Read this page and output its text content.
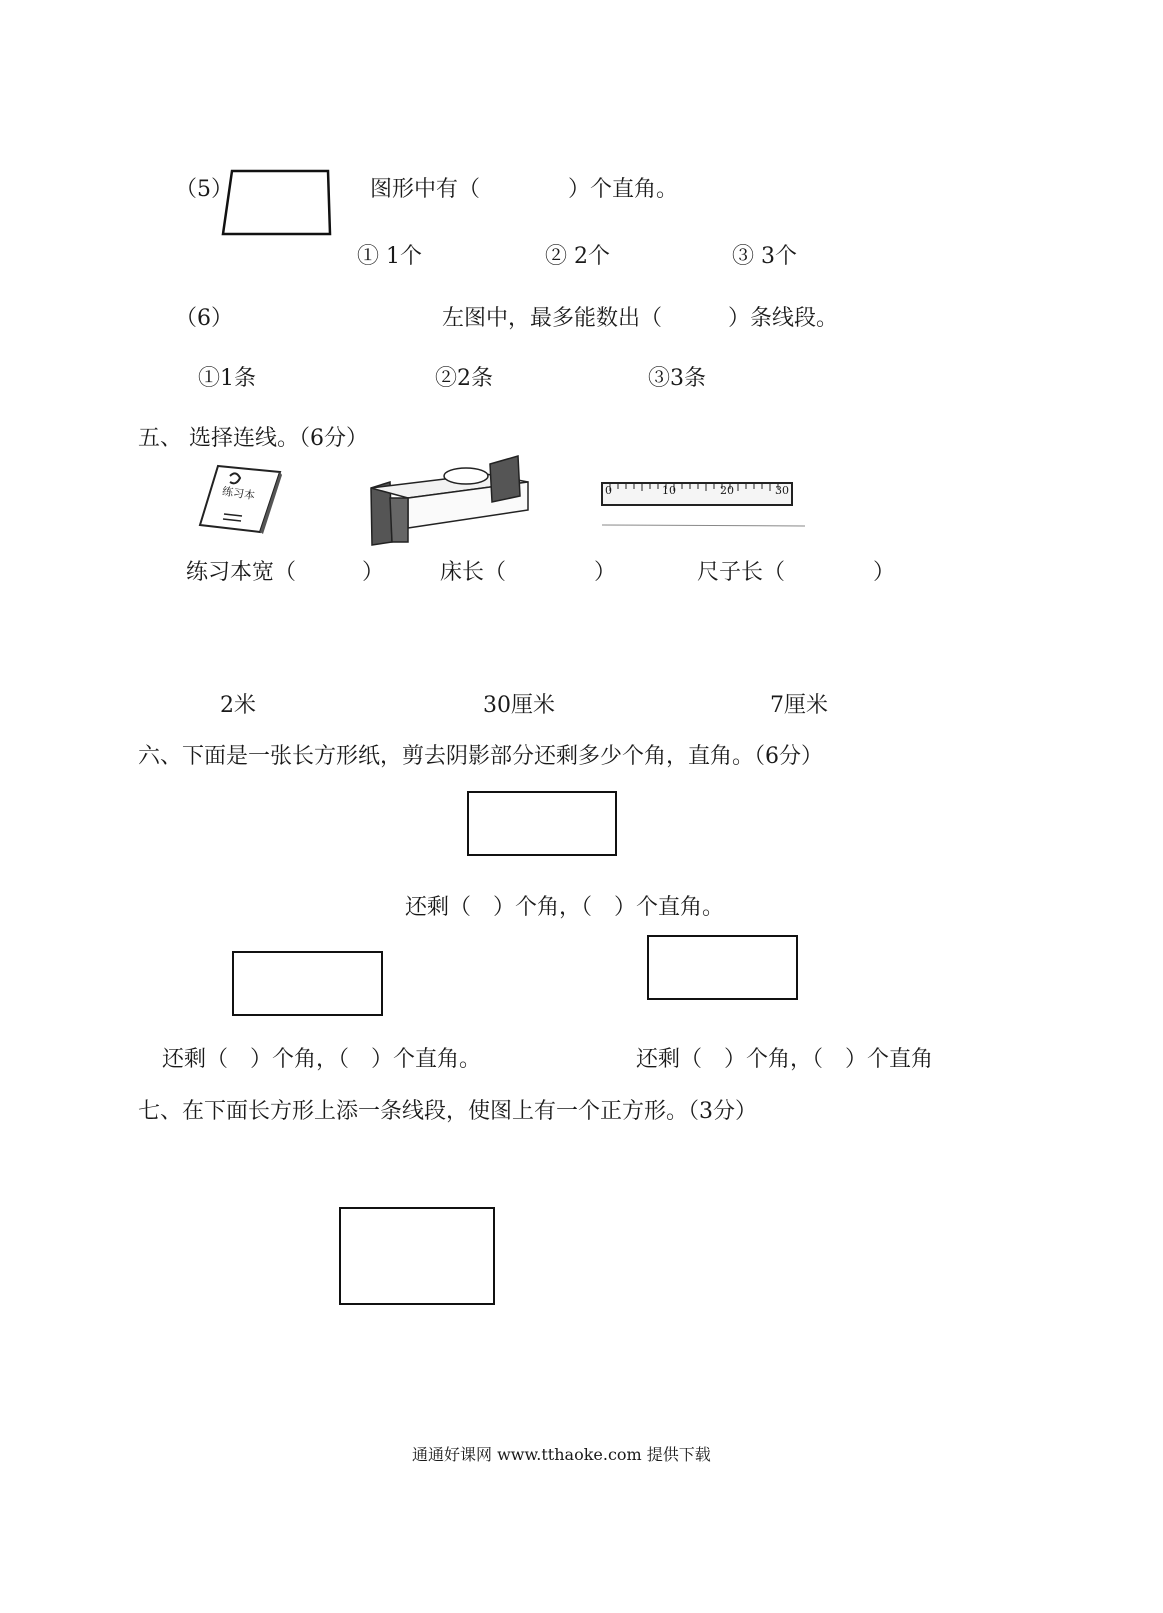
（5）	图形中有（　　　　）个直角。
① 1个	② 2个	③ 3个
（6）	左图中，最多能数出（　　　）条线段。
①1条	②2条	③3条
五、 选择连线。（6分）
练习本	0	10	20	30
练习本宽（　　　）	床长（　　　　）	尺子长（　　　　）
2米	30厘米	7厘米
六、下面是一张长方形纸，剪去阴影部分还剩多少个角，直角。（6分）
还剩（　）个角，（　）个直角。
还剩（　）个角，（　）个直角。	还剩（　）个角，（　）个直角
七、在下面长方形上添一条线段，使图上有一个正方形。（3分）
通通好课网 www.tthaoke.com 提供下载
